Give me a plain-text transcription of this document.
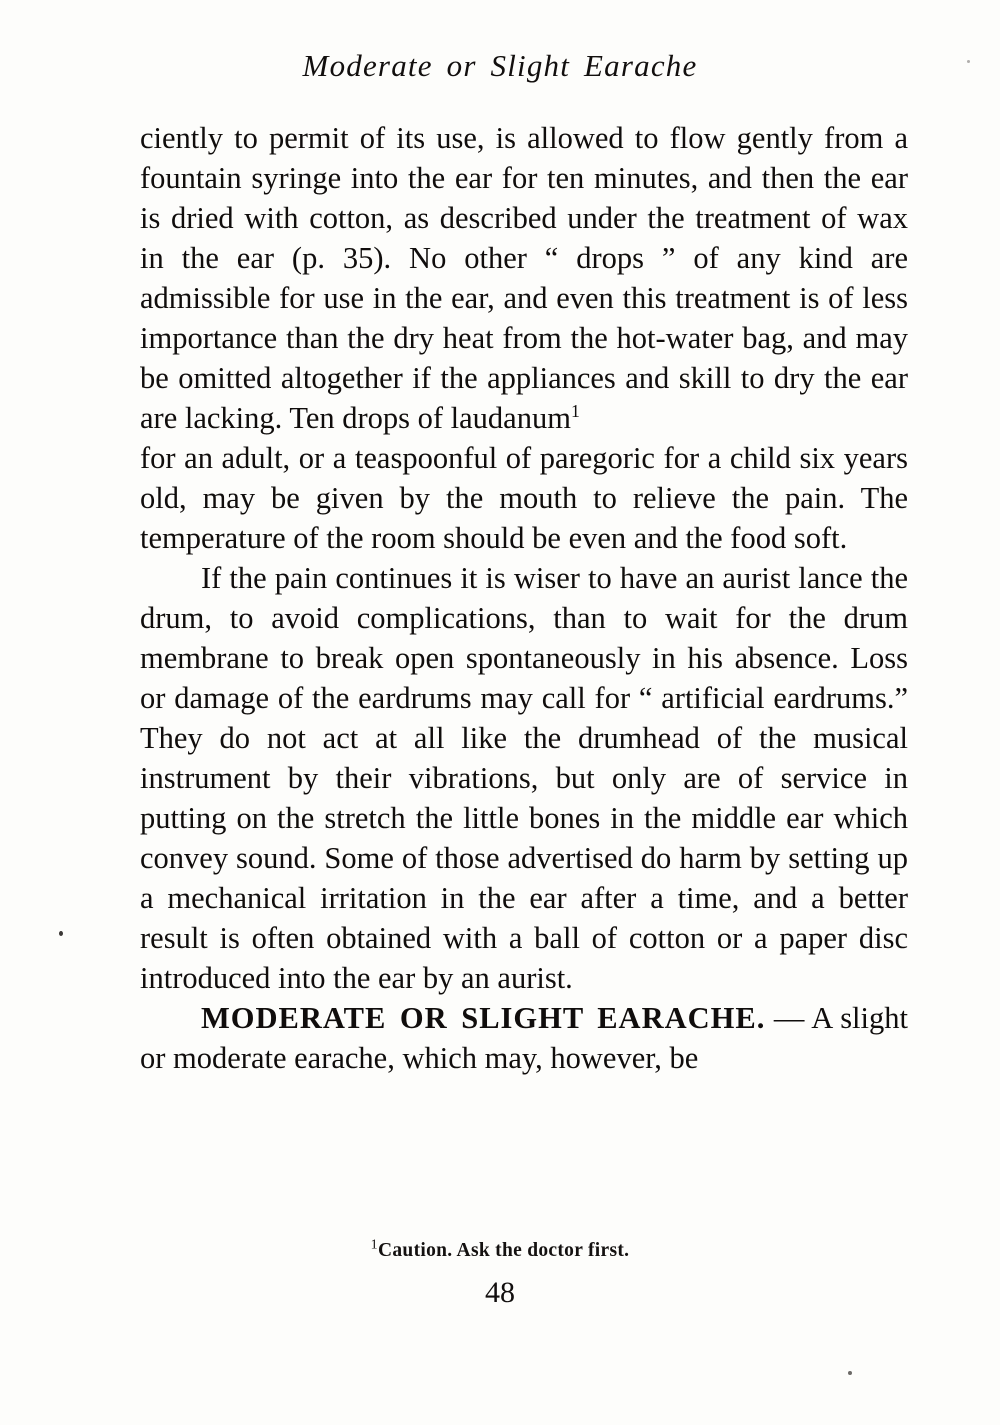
Moderate or Slight Earache

ciently to permit of its use, is allowed to flow gently from a fountain syringe into the ear for ten minutes, and then the ear is dried with cotton, as described under the treatment of wax in the ear (p. 35). No other “ drops ” of any kind are admissible for use in the ear, and even this treatment is of less importance than the dry heat from the hot-water bag, and may be omitted altogether if the appliances and skill to dry the ear are lacking. Ten drops of laudanum$^1$

for an adult, or a teaspoonful of paregoric for a child six years old, may be given by the mouth to relieve the pain. The temperature of the room should be even and the food soft.

If the pain continues it is wiser to have an aurist lance the drum, to avoid complications, than to wait for the drum membrane to break open spontaneously in his absence. Loss or damage of the eardrums may call for “ artificial eardrums.” They do not act at all like the drumhead of the musical instrument by their vibrations, but only are of service in putting on the stretch the little bones in the middle ear which convey sound. Some of those advertised do harm by setting up a mechanical irritation in the ear after a time, and a better result is often obtained with a ball of cotton or a paper disc introduced into the ear by an aurist.

MODERATE OR SLIGHT EARACHE. — A slight or moderate earache, which may, however, be

$^1$Caution. Ask the doctor first.
48
